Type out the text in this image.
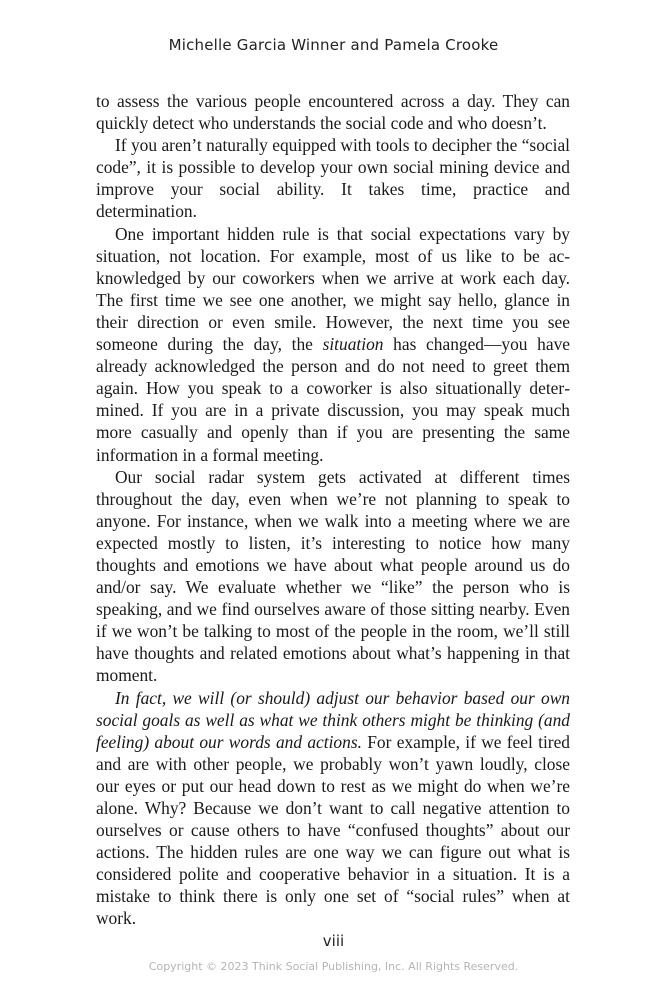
Michelle Garcia Winner and Pamela Crooke

to assess the various people encountered across a day. They can quickly detect who understands the social code and who doesn’t.

If you aren’t naturally equipped with tools to decipher the “social code”, it is possible to develop your own social mining device and improve your social ability. It takes time, practice and determination.

One important hidden rule is that social expectations vary by situation, not location. For example, most of us like to be acknowledged by our coworkers when we arrive at work each day. The first time we see one another, we might say hello, glance in their direction or even smile. However, the next time you see someone during the day, the situation has changed—you have already acknowledged the person and do not need to greet them again. How you speak to a coworker is also situationally determined. If you are in a private discussion, you may speak much more casually and openly than if you are presenting the same information in a formal meeting.

Our social radar system gets activated at different times throughout the day, even when we’re not planning to speak to anyone. For instance, when we walk into a meeting where we are expected mostly to listen, it’s interesting to notice how many thoughts and emotions we have about what people around us do and/or say. We evaluate whether we “like” the person who is speaking, and we find ourselves aware of those sitting nearby. Even if we won’t be talking to most of the people in the room, we’ll still have thoughts and related emotions about what’s happening in that moment.

In fact, we will (or should) adjust our behavior based our own social goals as well as what we think others might be thinking (and feeling) about our words and actions. For example, if we feel tired and are with other people, we probably won’t yawn loudly, close our eyes or put our head down to rest as we might do when we’re alone. Why? Because we don’t want to call negative attention to ourselves or cause others to have “confused thoughts” about our actions. The hidden rules are one way we can figure out what is considered polite and cooperative behavior in a situation. It is a mistake to think there is only one set of “social rules” when at work.

viii
Copyright © 2023 Think Social Publishing, Inc. All Rights Reserved.
